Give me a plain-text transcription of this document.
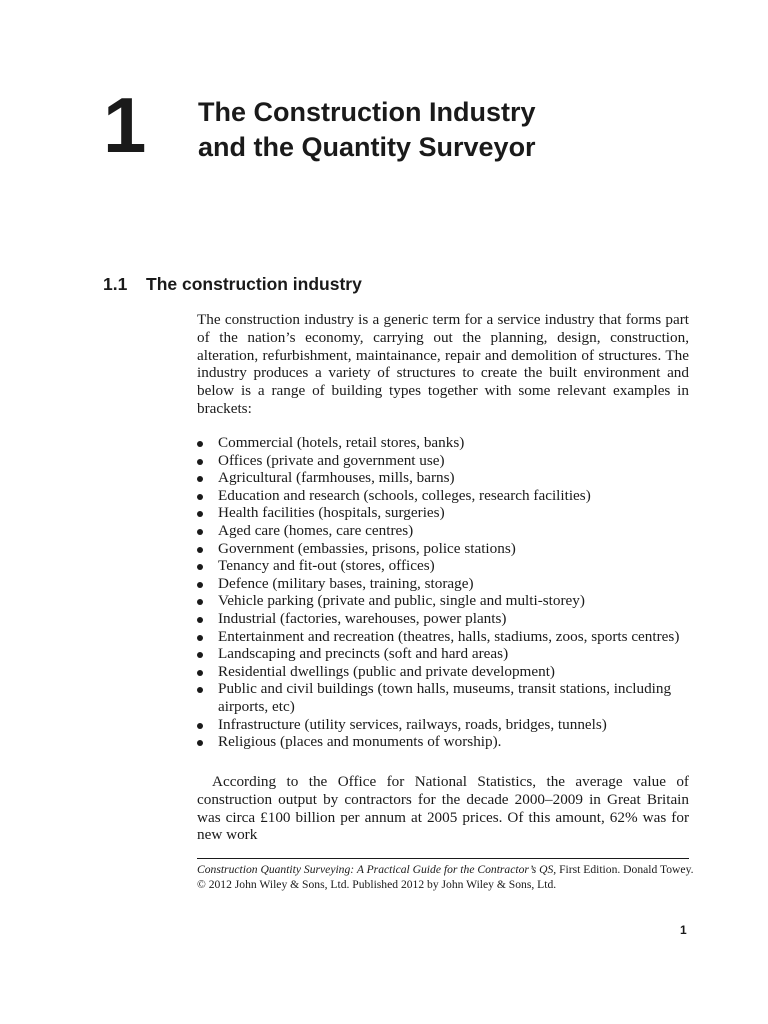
1 The Construction Industry
and the Quantity Surveyor
1.1 The construction industry

The construction industry is a generic term for a service industry that forms part of the nation’s economy, carrying out the planning, design, construction, alteration, refurbishment, maintainance, repair and demolition of structures. The industry produces a variety of structures to create the built environment and below is a range of building types together with some relevant examples in brackets:

Commercial (hotels, retail stores, banks)
Offices (private and government use)
Agricultural (farmhouses, mills, barns)
Education and research (schools, colleges, research facilities)
Health facilities (hospitals, surgeries)
Aged care (homes, care centres)
Government (embassies, prisons, police stations)
Tenancy and fit-out (stores, offices)
Defence (military bases, training, storage)
Vehicle parking (private and public, single and multi-storey)
Industrial (factories, warehouses, power plants)
Entertainment and recreation (theatres, halls, stadiums, zoos, sports centres)
Landscaping and precincts (soft and hard areas)
Residential dwellings (public and private development)
Public and civil buildings (town halls, museums, transit stations, including airports, etc)
Infrastructure (utility services, railways, roads, bridges, tunnels)
Religious (places and monuments of worship).

According to the Office for National Statistics, the average value of construction output by contractors for the decade 2000–2009 in Great Britain was circa £100 billion per annum at 2005 prices. Of this amount, 62% was for new work

Construction Quantity Surveying: A Practical Guide for the Contractor’s QS, First Edition. Donald Towey.
© 2012 John Wiley & Sons, Ltd. Published 2012 by John Wiley & Sons, Ltd.
1
